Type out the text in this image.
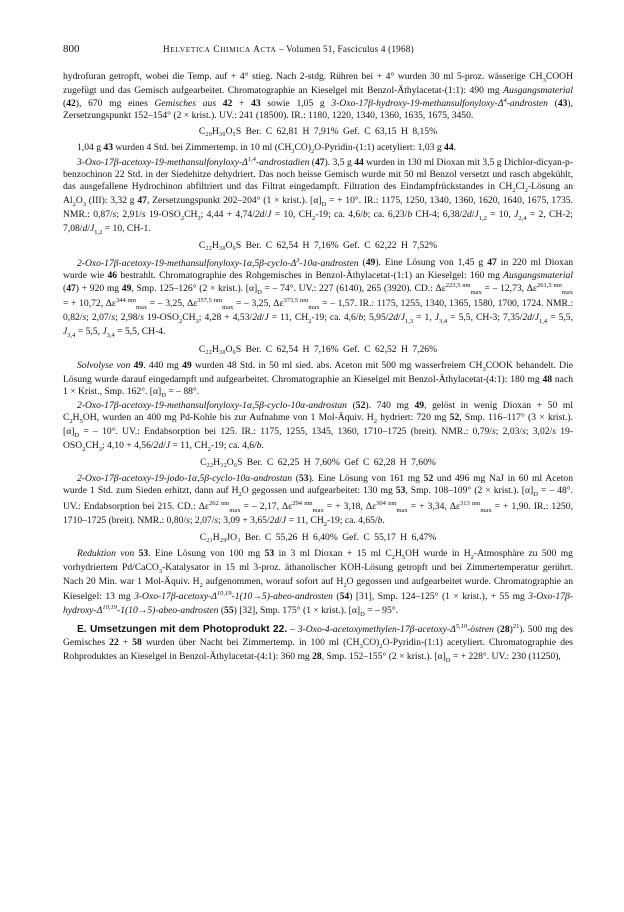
800	HELVETICA CHIMICA ACTA – Volumen 51, Fasciculus 4 (1968)

hydrofuran getropft, wobei die Temp. auf + 4° stieg. Nach 2-stdg. Rühren bei + 4° wurden 30 ml 5-proz. wässerige $CH_3COOH$ zugefügt und das Gemisch aufgearbeitet. Chromatographie an Kieselgel mit Benzol-Äthylacetat-(1:1): 490 mg Ausgangsmaterial (42), 670 mg eines Gemisches aus 42 + 43 sowie 1,05 g $3-Oxo-17\beta-hydroxy-19-methansulfonyloxy-\Delta^4$-androsten (43), Zersetzungspunkt 152–154° (2 × krist.). UV.: 241 (18500). IR.: 1180, 1220, 1340, 1360, 1635, 1675, 3450.

C₂₀H₃₀O₅S Ber. C 62,81 H 7,91% Gef. C 63,15 H 8,15%

1,04 g 43 wurden 4 Std. bei Zimmertemp. in 10 ml $(CH_3CO)_2O-Pyridin-(1:1)$ acetyliert: 1,03 g 44.

$3-Oxo-17\beta-acetoxy-19-methansulfonyloxy-\Delta^{1,4}$-androstadien (47). 3,5 g 44 wurden in 130 ml Dioxan mit 3,5 g Dichlor-dicyan-p-benzochinon 22 Std. in der Siedehitze dehydriert. Das noch heisse Gemisch wurde mit 50 ml Benzol versetzt und rasch abgekühlt, das ausgefallene Hydrochinon abfiltriert und das Filtrat eingedampft. Filtration des Eindampfrückstandes in $CH_2Cl_2$-Lösung an $Al_2O_3$ (III): 3,32 g 47, Zersetzungspunkt 202–204° (1 × krist.). $[\alpha]_D$ = + 10°. IR.: 1175, 1250, 1340, 1360, 1620, 1640, 1675, 1735. NMR.: 0,87/s; 2,91/s $19-OSO_2CH_3$; 4,44 + 4,74/2d/J = 10, $CH_2-19$; ca. 4,6/b; ca. 6,23/b CH-4; $6,38/2d/J_{1,2} = 10$, $J_{2,4} = 2$, CH-2; $7,08/d/J_{1,2} = 10$, CH-1.

C₂₂H₃₀O₆S Ber. C 62,54 H 7,16% Gef. C 62,22 H 7,52%

$2-Oxo-17\beta-acetoxy-19-methansulfonyloxy-1\alpha,5\beta-cyclo-\Delta^3-10\alpha$-androsten (49). Eine Lösung von 1,45 g 47 in 220 ml Dioxan wurde wie 46 bestrahlt. Chromatographie des Rohgemisches in Benzol-Äthylacetat-(1:1) an Kieselgel: 160 mg Ausgangsmaterial (47) + 920 mg 49, Smp. 125–126° (2 × krist.). $[\alpha]_D$ = – 74°. UV.: 227 (6140), 265 (3920). CD.: $\Delta\varepsilon^{223,5 nm}_{max}$ = – 12,73, $\Delta\varepsilon^{261,5 nm}_{max}$ = + 10,72, $\Delta\varepsilon^{344 nm}_{max}$ = – 3,25, $\Delta\varepsilon^{357,5 nm}_{max}$ = – 3,25, $\Delta\varepsilon^{373,5 nm}_{max}$ = – 1,57. IR.: 1175, 1255, 1340, 1365, 1580, 1700, 1724. NMR.: 0,82/s; 2,07/s; 2,98/s $19-OSO_2CH_3$; 4,28 + 4,53/2d/J = 11, $CH_2-19$; ca. 4,6/b; $5,95/2d/J_{1,3} = 1$, $J_{3,4} = 5,5$, CH-3; $7,35/2d/J_{1,4} = 5,5$, $J_{3,4} = 5,5$, $J_{3,4} = 5,5$, CH-4.

C₂₂H₃₀O₆S Ber. C 62,54 H 7,16% Gef. C 62,52 H 7,26%

Solvolyse von 49. 440 mg 49 wurden 48 Std. in 50 ml sied. abs. Aceton mit 500 mg wasserfreiem $CH_3COOK$ behandelt. Die Lösung wurde darauf eingedampft und aufgearbeitet. Chromatographie an Kieselgel mit Benzol-Äthylacetat-(4:1): 180 mg 48 nach 1 × Krist., Smp. 162°. $[\alpha]_D$ = – 88°.

2-Oxo-17β-acetoxy-19-methansulfonyloxy-1α,5β-cyclo-10α-androstan (52). 740 mg 49, gelöst in wenig Dioxan + 50 ml $C_2H_5OH$, wurden an 400 mg Pd-Kohle bis zur Aufnahme von 1 Mol-Äquiv. $H_2$ hydriert: 720 mg 52, Smp. 116–117° (3 × krist.). $[\alpha]_D$ = – 10°. UV.: Endabsorption bei 125. IR.: 1175, 1255, 1345, 1360, 1710–1725 (breit). NMR.: 0,79/s; 2,03/s; 3,02/s $19-OSO_2CH_3$; 4,10 + 4,56/2d/J = 11, $CH_2-19$; ca. 4,6/b.

C₂₂H₃₂O₆S Ber. C 62,25 H 7,60% Gef C 62,28 H 7,60%

2-Oxo-17β-acetoxy-19-jodo-1α,5β-cyclo-10α-androstan (53). Eine Lösung von 161 mg 52 und 496 mg NaJ in 60 ml Aceton wurde 1 Std. zum Sieden erhitzt, dann auf $H_2O$ gegossen und aufgearbeitet: 130 mg 53, Smp. 108–109° (2 × krist.). $[\alpha]_D$ = – 48°. UV.: Endabsorption bei 215. CD.: $\Delta\varepsilon^{262 nm}_{max}$ = – 2,17, $\Delta\varepsilon^{294 nm}_{max}$ = + 3,18, $\Delta\varepsilon^{304 nm}_{max}$ = + 3,34, $\Delta\varepsilon^{313 nm}_{max}$ = + 1,90. IR.: 1250, 1710–1725 (breit). NMR.: 0,80/s; 2,07/s; 3,09 + 3,65/2d/J = 11, $CH_2-19$; ca. 4,65/b.

C₂₁H₂₉JO₃ Ber. C 55,26 H 6,40% Gef. C 55,17 H 6,47%

Reduktion von 53. Eine Lösung von 100 mg 53 in 3 ml Dioxan + 15 ml $C_2H_5OH$ wurde in $H_2$-Atmosphäre zu 500 mg vorhydriertem Pd/CaCO$_3$-Katalysator in 15 ml 3-proz. äthanolischer KOH-Lösung getropft und bei Zimmertemperatur gerührt. Nach 20 Min. war 1 Mol-Äquiv. $H_2$ aufgenommen, worauf sofort auf $H_2O$ gegossen und aufgearbeitet wurde. Chromatographie an Kieselgel: 13 mg $3-Oxo-17\beta-acetoxy-\Delta^{10,19}-1(10\to 5)-abeo$-androsten (54) [31], Smp. 124–125° (1 × krist.), + 55 mg $3-Oxo-17\beta-hydroxy-\Delta^{10,19}-1(10\to 5)-abeo$-androsten (55) [32], Smp. 175° (1 × krist.). $[\alpha]_D$ = – 95°.

E. Umsetzungen mit dem Photoprodukt 22. – $3-Oxo-4-acetoxymethylen-17\beta-acetoxy-\Delta^{5,10}$-östren $(28)^{21}$). 500 mg des Gemisches 22 + 58 wurden über Nacht bei Zimmertemp. in 100 ml $(CH_3CO)_2O-Pyridin-(1:1)$ acetyliert. Chromatographie des Rohproduktes an Kieselgel in Benzol-Äthylacetat-(4:1): 360 mg 28, Smp. 152–155° (2 × krist.). $[\alpha]_D$ = + 228°. UV.: 230 (11250),
